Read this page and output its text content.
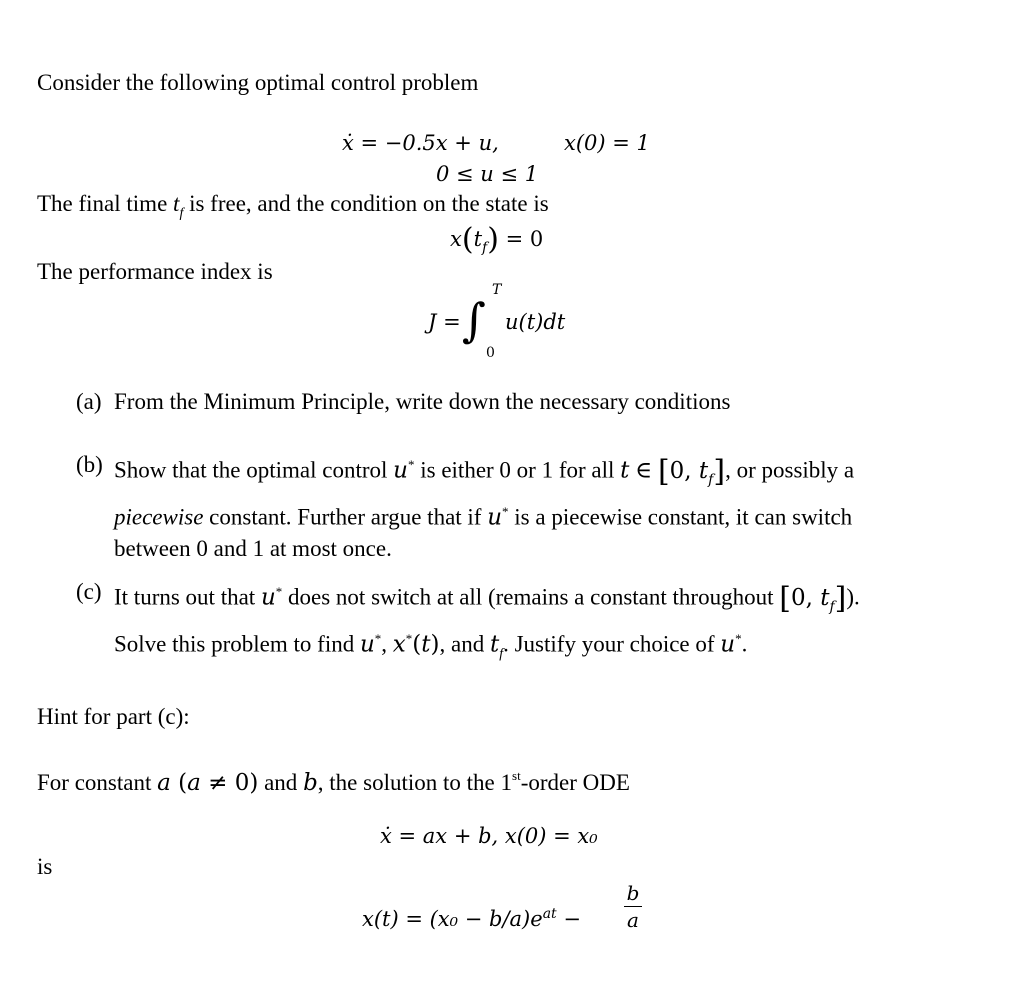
Consider the following optimal control problem
ẋ = −0.5x + u,	x(0) = 1
0 ≤ u ≤ 1
The final time $t_f$ is free, and the condition on the state is
$x(t_f) = 0$
The performance index is
J = ∫
T
0
u(t)dt
(a) From the Minimum Principle, write down the necessary conditions
(b) Show that the optimal control u* is either 0 or 1 for all t ∈ [0, $t_f$], or possibly a
piecewise constant. Further argue that if u* is a piecewise constant, it can switch
between 0 and 1 at most once.
(c) It turns out that u* does not switch at all (remains a constant throughout [0, $t_f$]).
Solve this problem to find u*, x*(t), and $t_f$. Justify your choice of u*.
Hint for part (c):
For constant a (a ≠ 0) and b, the solution to the 1st-order ODE
ẋ = ax + b, x(0) = x₀
is
$x(t) = (x_0 - b/a)e^{at}$ −
b
a
